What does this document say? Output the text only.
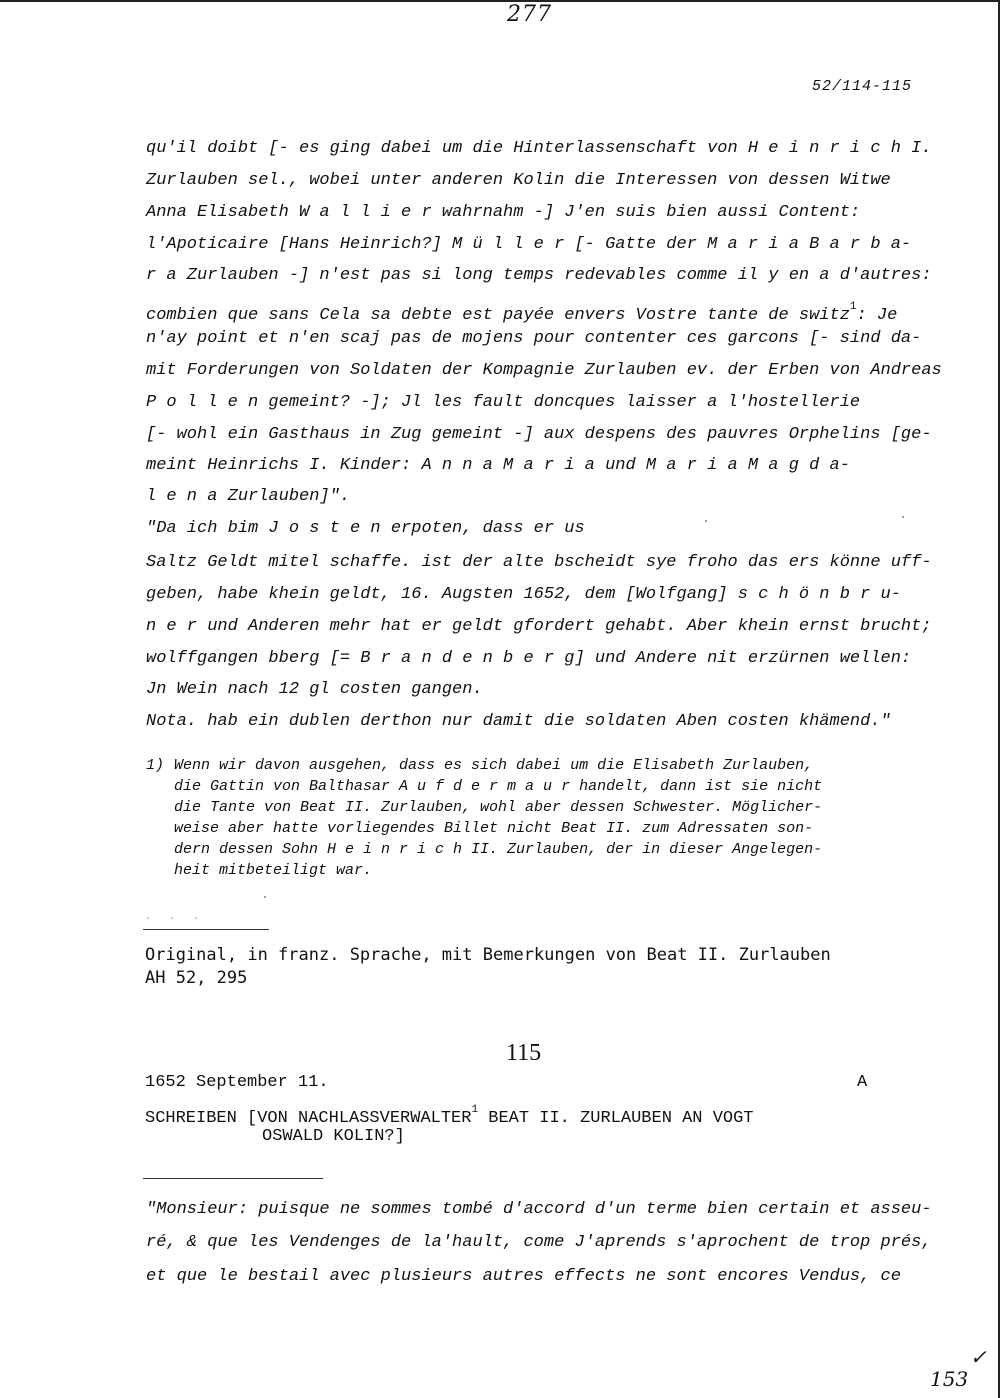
277
52/114-115
qu'il doibt [- es ging dabei um die Hinterlassenschaft von H e i n r i c h I.
Zurlauben sel., wobei unter anderen Kolin die Interessen von dessen Witwe
Anna Elisabeth W a l l i e r wahrnahm -] J'en suis bien aussi Content:
l'Apoticaire [Hans Heinrich?] M ü l l e r [- Gatte der M a r i a B a r b a-
r a Zurlauben -] n'est pas si long temps redevables comme il y en a d'autres:
combien que sans Cela sa debte est payée envers Vostre tante de switz$^1$: Je
n'ay point et n'en scaj pas de mojens pour contenter ces garcons [- sind da-
mit Forderungen von Soldaten der Kompagnie Zurlauben ev. der Erben von Andreas
P o l l e n gemeint? -]; Jl les fault doncques laisser a l'hostellerie
[- wohl ein Gasthaus in Zug gemeint -] aux despens des pauvres Orphelins [ge-
meint Heinrichs I. Kinder: A n n a M a r i a und M a r i a M a g d a-
l e n a Zurlauben]".
"Da ich bim J o s t e n erpoten, dass er us
Saltz Geldt mitel schaffe. ist der alte bscheidt sye froho das ers könne uff-
geben, habe khein geldt, 16. Augsten 1652, dem [Wolfgang] s c h ö n b r u-
n e r und Anderen mehr hat er geldt gfordert gehabt. Aber khein ernst brucht;
wolffgangen bberg [= B r a n d e n b e r g] und Andere nit erzürnen wellen:
Jn Wein nach 12 gl costen gangen.
Nota. hab ein dublen derthon nur damit die soldaten Aben costen khämend."
1) Wenn wir davon ausgehen, dass es sich dabei um die Elisabeth Zurlauben,
die Gattin von Balthasar A u f d e r m a u r handelt, dann ist sie nicht
die Tante von Beat II. Zurlauben, wohl aber dessen Schwester. Möglicher-
weise aber hatte vorliegendes Billet nicht Beat II. zum Adressaten son-
dern dessen Sohn H e i n r i c h II. Zurlauben, der in dieser Angelegen-
heit mitbeteiligt war.
. . .
Original, in franz. Sprache, mit Bemerkungen von Beat II. Zurlauben
AH 52, 295
115
1652 September 11.	A
SCHREIBEN [VON NACHLASSVERWALTER$^1$ BEAT II. ZURLAUBEN AN VOGT
OSWALD KOLIN?]
"Monsieur: puisque ne sommes tombé d'accord d'un terme bien certain et asseu-
ré, & que les Vendenges de la'hault, come J'aprends s'aprochent de trop prés,
et que le bestail avec plusieurs autres effects ne sont encores Vendus, ce
✓
153
